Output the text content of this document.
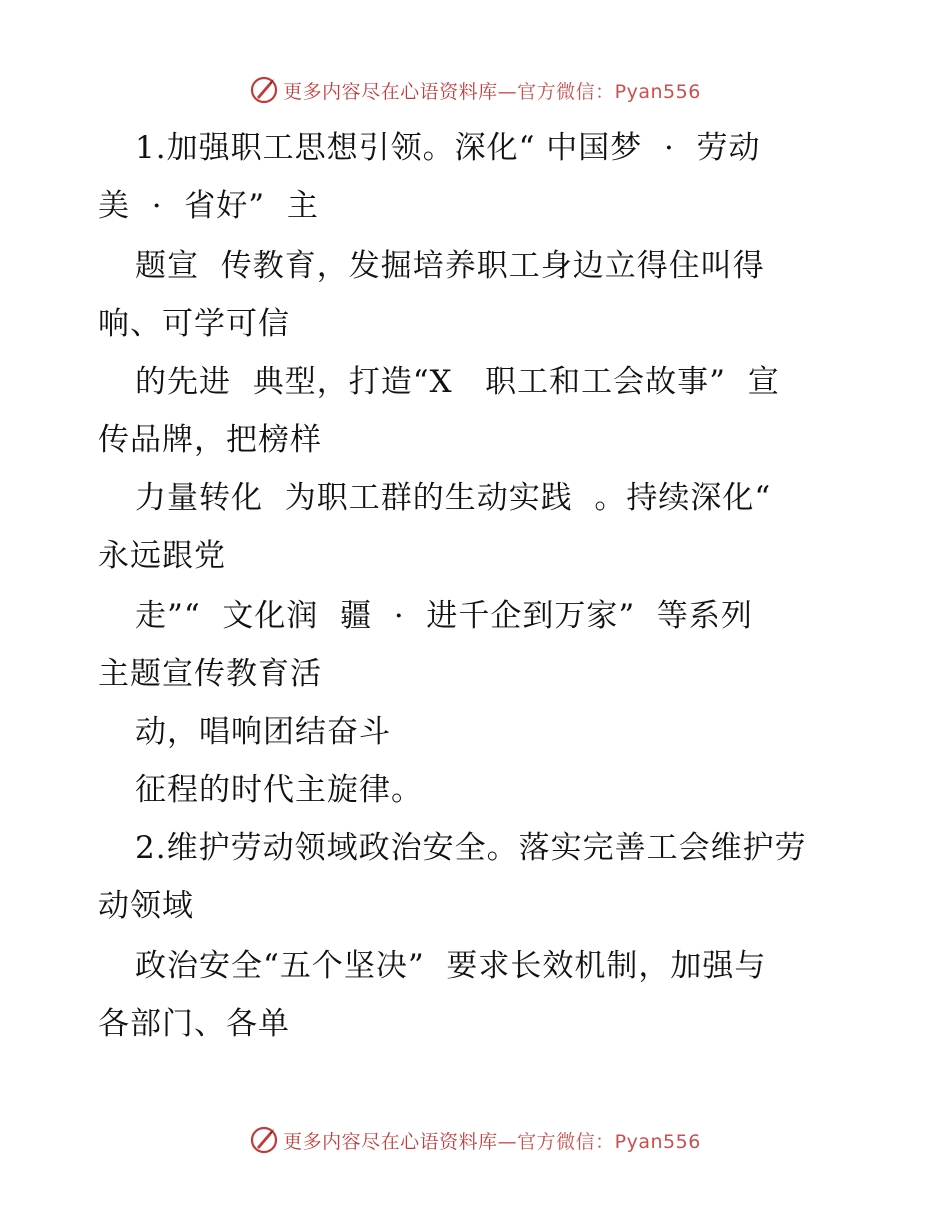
更多内容尽在心语资料库—官方微信：Pyan556
1.加强职工思想引领。深化“ 中国梦  ·  劳动
美  ·  省好”  主
题宣  传教育，发掘培养职工身边立得住叫得
响、可学可信
的先进  典型，打造“X   职工和工会故事”  宣
传品牌，把榜样
力量转化  为职工群的生动实践  。持续深化“
永远跟党
走”“  文化润  疆  ·  进千企到万家”  等系列
主题宣传教育活
动，唱响团结奋斗
征程的时代主旋律。
2.维护劳动领域政治安全。落实完善工会维护劳
动领域
政治安全“五个坚决”  要求长效机制，加强与
各部门、各单
更多内容尽在心语资料库—官方微信：Pyan556
